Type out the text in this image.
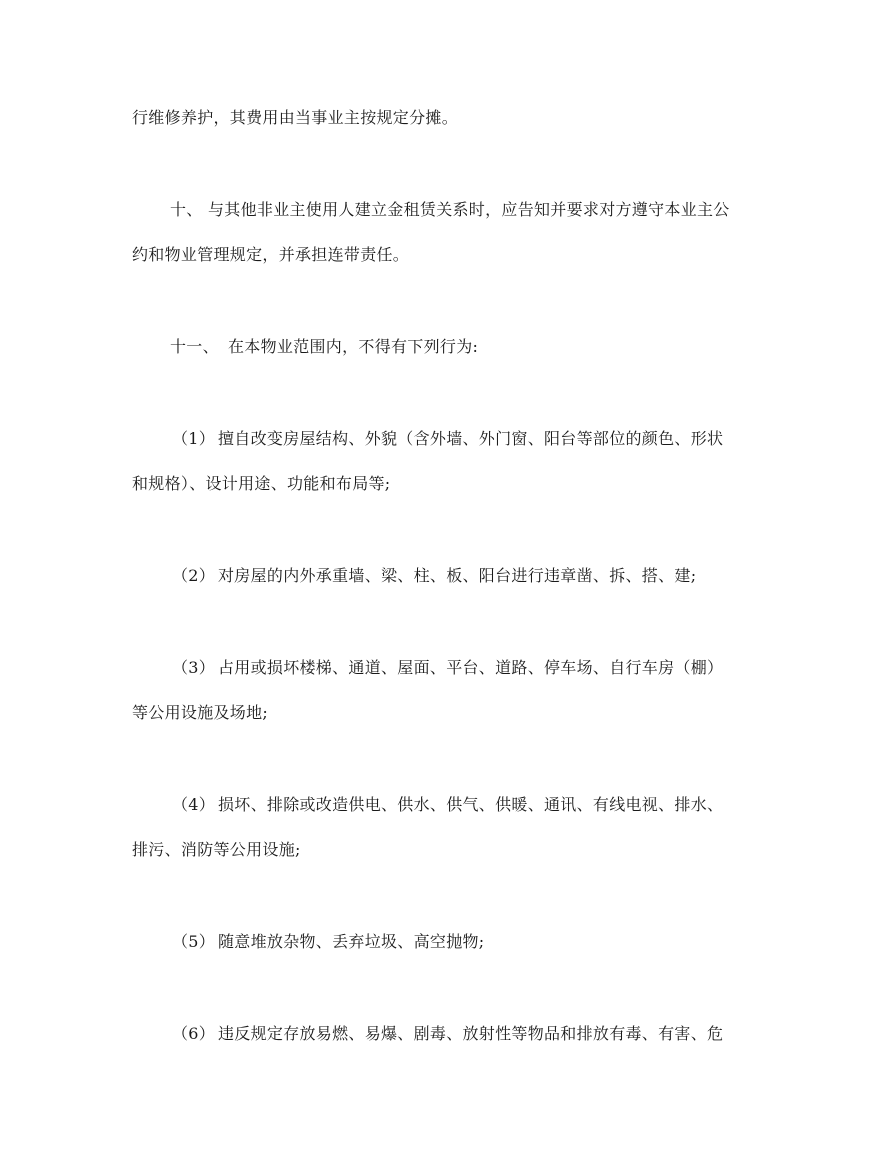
行维修养护，其费用由当事业主按规定分摊。
十、 与其他非业主使用人建立金租赁关系时，应告知并要求对方遵守本业主公
约和物业管理规定，并承担连带责任。
十一、 在本物业范围内，不得有下列行为:
（1） 擅自改变房屋结构、外貌（含外墙、外门窗、阳台等部位的颜色、形状
和规格）、设计用途、功能和布局等;
（2） 对房屋的内外承重墙、梁、柱、板、阳台进行违章凿、拆、搭、建;
（3） 占用或损坏楼梯、通道、屋面、平台、道路、停车场、自行车房（棚）
等公用设施及场地;
（4） 损坏、排除或改造供电、供水、供气、供暖、通讯、有线电视、排水、
排污、消防等公用设施;
（5） 随意堆放杂物、丢弃垃圾、高空抛物;
（6） 违反规定存放易燃、易爆、剧毒、放射性等物品和排放有毒、有害、危
